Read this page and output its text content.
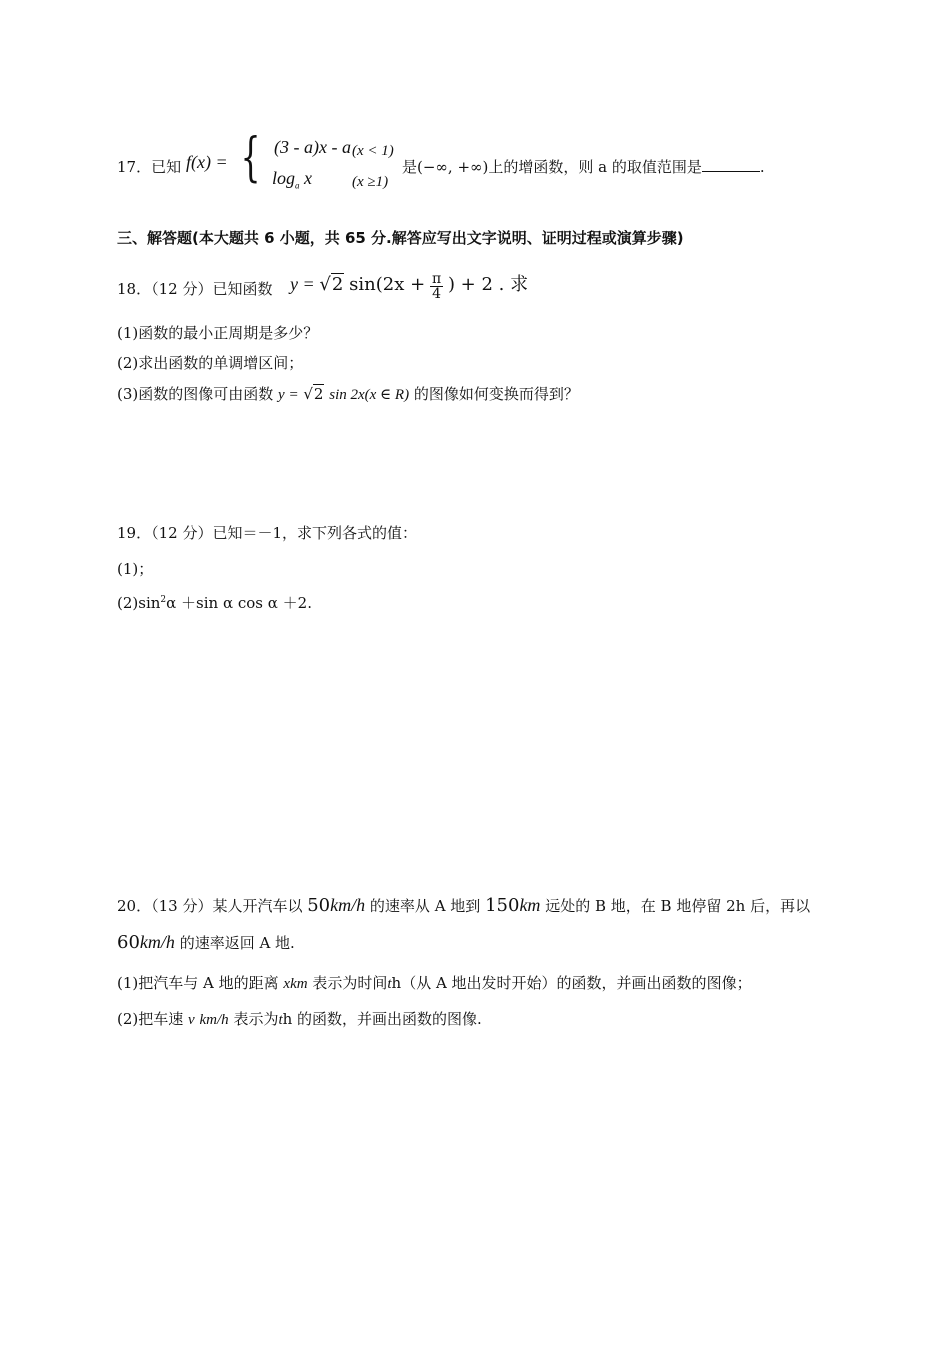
17．已知 f(x) = { (3 - a)x - a (x < 1)
$\log_a x$	(x ≥1)
是(−∞, +∞)上的增函数，则 a 的取值范围是	.
三、解答题(本大题共 6 小题，共 65 分.解答应写出文字说明、证明过程或演算步骤)
18．（12 分）已知函数 y = √2 $\sin(2x + \frac{\pi}{4}$ ) + 2 . 求
(1)函数的最小正周期是多少？
(2)求出函数的单调增区间；
(3)函数的图像可由函数 y = √2 sin 2x(x ∈ R) 的图像如何变换而得到？
19．（12 分）已知＝－1，求下列各式的值：
(1)；
$(2)\sin^2\alpha +\sin$ α cos α ＋2.
20．（13 分）某人开汽车以 50km/h 的速率从 A 地到 150km 远处的 B 地，在 B 地停留 2h 后，再以
60km/h 的速率返回 A 地.
(1)把汽车与 A 地的距离 xkm 表示为时间th（从 A 地出发时开始）的函数，并画出函数的图像；
(2)把车速 v km/h 表示为th 的函数，并画出函数的图像.
